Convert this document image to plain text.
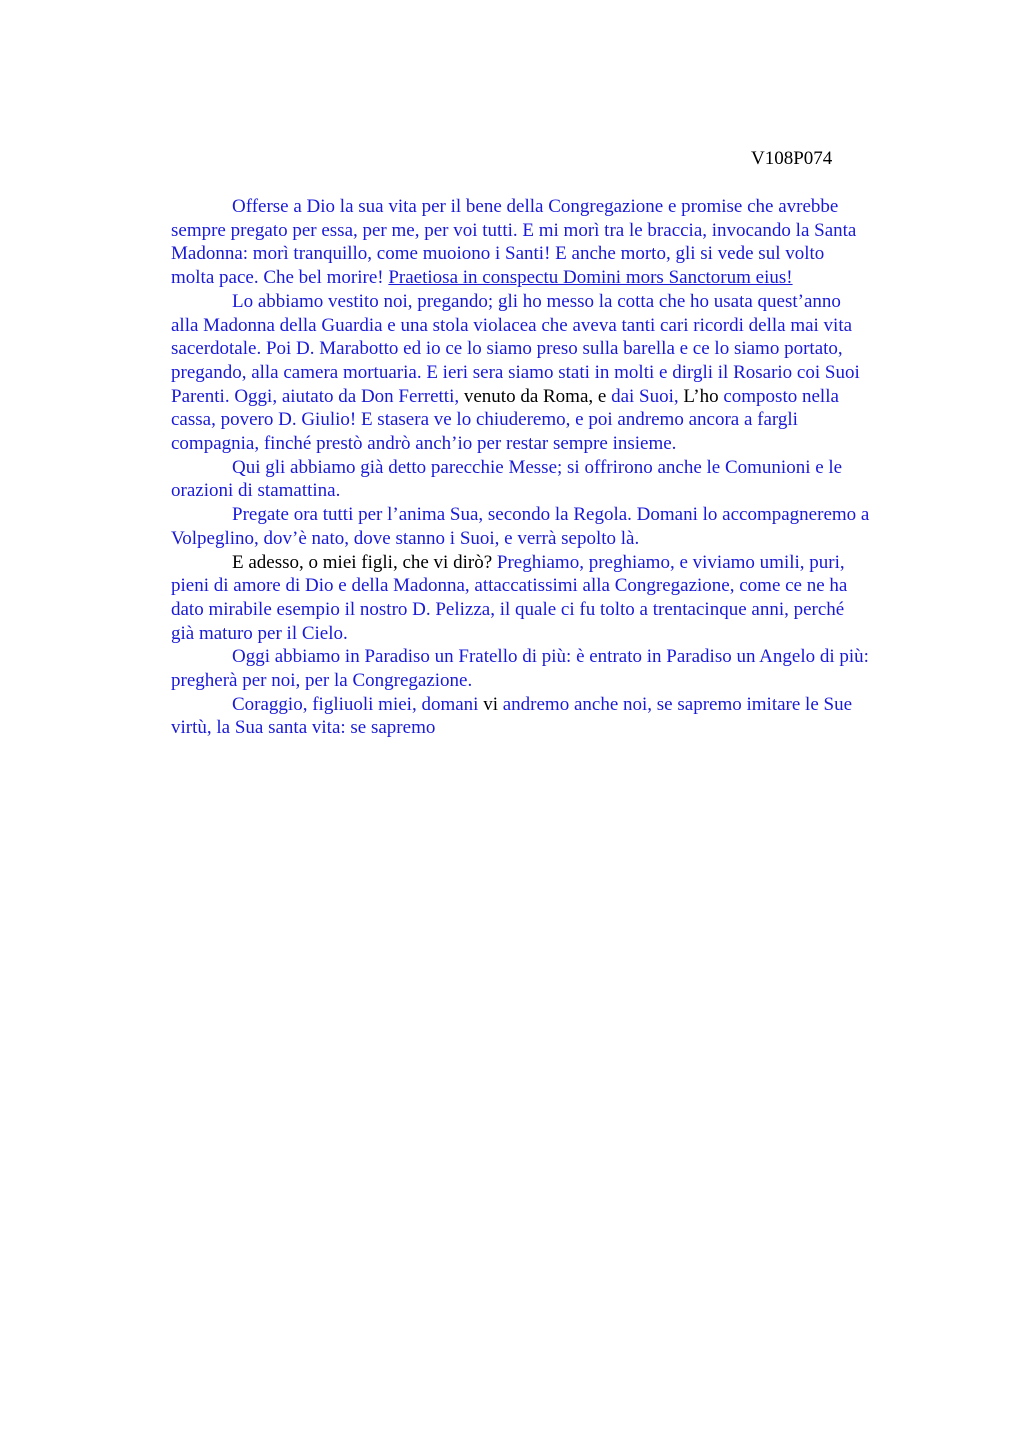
V108P074

Offerse a Dio la sua vita per il bene della Congregazione e promise che avrebbe
sempre pregato per essa, per me, per voi tutti. E mi morì tra le braccia, invocando la Santa
Madonna: morì tranquillo, come muoiono i Santi! E anche morto, gli si vede sul volto
molta pace. Che bel morire! Praetiosa in conspectu Domini mors Sanctorum eius!

Lo abbiamo vestito noi, pregando; gli ho messo la cotta che ho usata quest’anno
alla Madonna della Guardia e una stola violacea che aveva tanti cari ricordi della mai vita
sacerdotale. Poi D. Marabotto ed io ce lo siamo preso sulla barella e ce lo siamo portato,
pregando, alla camera mortuaria. E ieri sera siamo stati in molti e dirgli il Rosario coi Suoi
Parenti. Oggi, aiutato da Don Ferretti, venuto da Roma, e dai Suoi, L’ho composto nella
cassa, povero D. Giulio! E stasera ve lo chiuderemo, e poi andremo ancora a fargli
compagnia, finché prestò andrò anch’io per restar sempre insieme.

Qui gli abbiamo già detto parecchie Messe; si offrirono anche le Comunioni e le
orazioni di stamattina.

Pregate ora tutti per l’anima Sua, secondo la Regola. Domani lo accompagneremo a
Volpeglino, dov’è nato, dove stanno i Suoi, e verrà sepolto là.

E adesso, o miei figli, che vi dirò? Preghiamo, preghiamo, e viviamo umili, puri,
pieni di amore di Dio e della Madonna, attaccatissimi alla Congregazione, come ce ne ha
dato mirabile esempio il nostro D. Pelizza, il quale ci fu tolto a trentacinque anni, perché
già maturo per il Cielo.

Oggi abbiamo in Paradiso un Fratello di più: è entrato in Paradiso un Angelo di più:
pregherà per noi, per la Congregazione.

Coraggio, figliuoli miei, domani vi andremo anche noi, se sapremo imitare le Sue
virtù, la Sua santa vita: se sapremo
